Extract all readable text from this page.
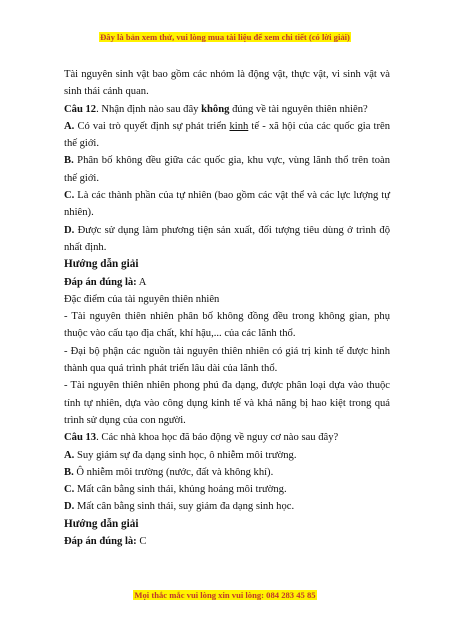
Đây là bản xem thử, vui lòng mua tài liệu để xem chi tiết (có lời giải)

Tài nguyên sinh vật bao gồm các nhóm là động vật, thực vật, vi sinh vật và sinh thái cảnh quan.

Câu 12. Nhận định nào sau đây không đúng về tài nguyên thiên nhiên?

A. Có vai trò quyết định sự phát triển kinh tế - xã hội của các quốc gia trên thế giới.

B. Phân bố không đều giữa các quốc gia, khu vực, vùng lãnh thổ trên toàn thế giới.

C. Là các thành phần của tự nhiên (bao gồm các vật thể và các lực lượng tự nhiên).

D. Được sử dụng làm phương tiện sản xuất, đối tượng tiêu dùng ở trình độ nhất định.

Hướng dẫn giải

Đáp án đúng là: A

Đặc điểm của tài nguyên thiên nhiên

- Tài nguyên thiên nhiên phân bố không đồng đều trong không gian, phụ thuộc vào cấu tạo địa chất, khí hậu,... của các lãnh thổ.

- Đại bộ phận các nguồn tài nguyên thiên nhiên có giá trị kinh tế được hình thành qua quá trình phát triển lâu dài của lãnh thổ.

- Tài nguyên thiên nhiên phong phú đa dạng, được phân loại dựa vào thuộc tính tự nhiên, dựa vào công dụng kinh tế và khả năng bị hao kiệt trong quá trình sử dụng của con người.

Câu 13. Các nhà khoa học đã báo động về nguy cơ nào sau đây?

A. Suy giảm sự đa dạng sinh học, ô nhiễm môi trường.

B. Ô nhiễm môi trường (nước, đất và không khí).

C. Mất cân bằng sinh thái, khủng hoảng môi trường.

D. Mất cân bằng sinh thái, suy giảm đa dạng sinh học.

Hướng dẫn giải

Đáp án đúng là: C

Mọi thắc mắc vui lòng xin vui lòng: 084 283 45 85
